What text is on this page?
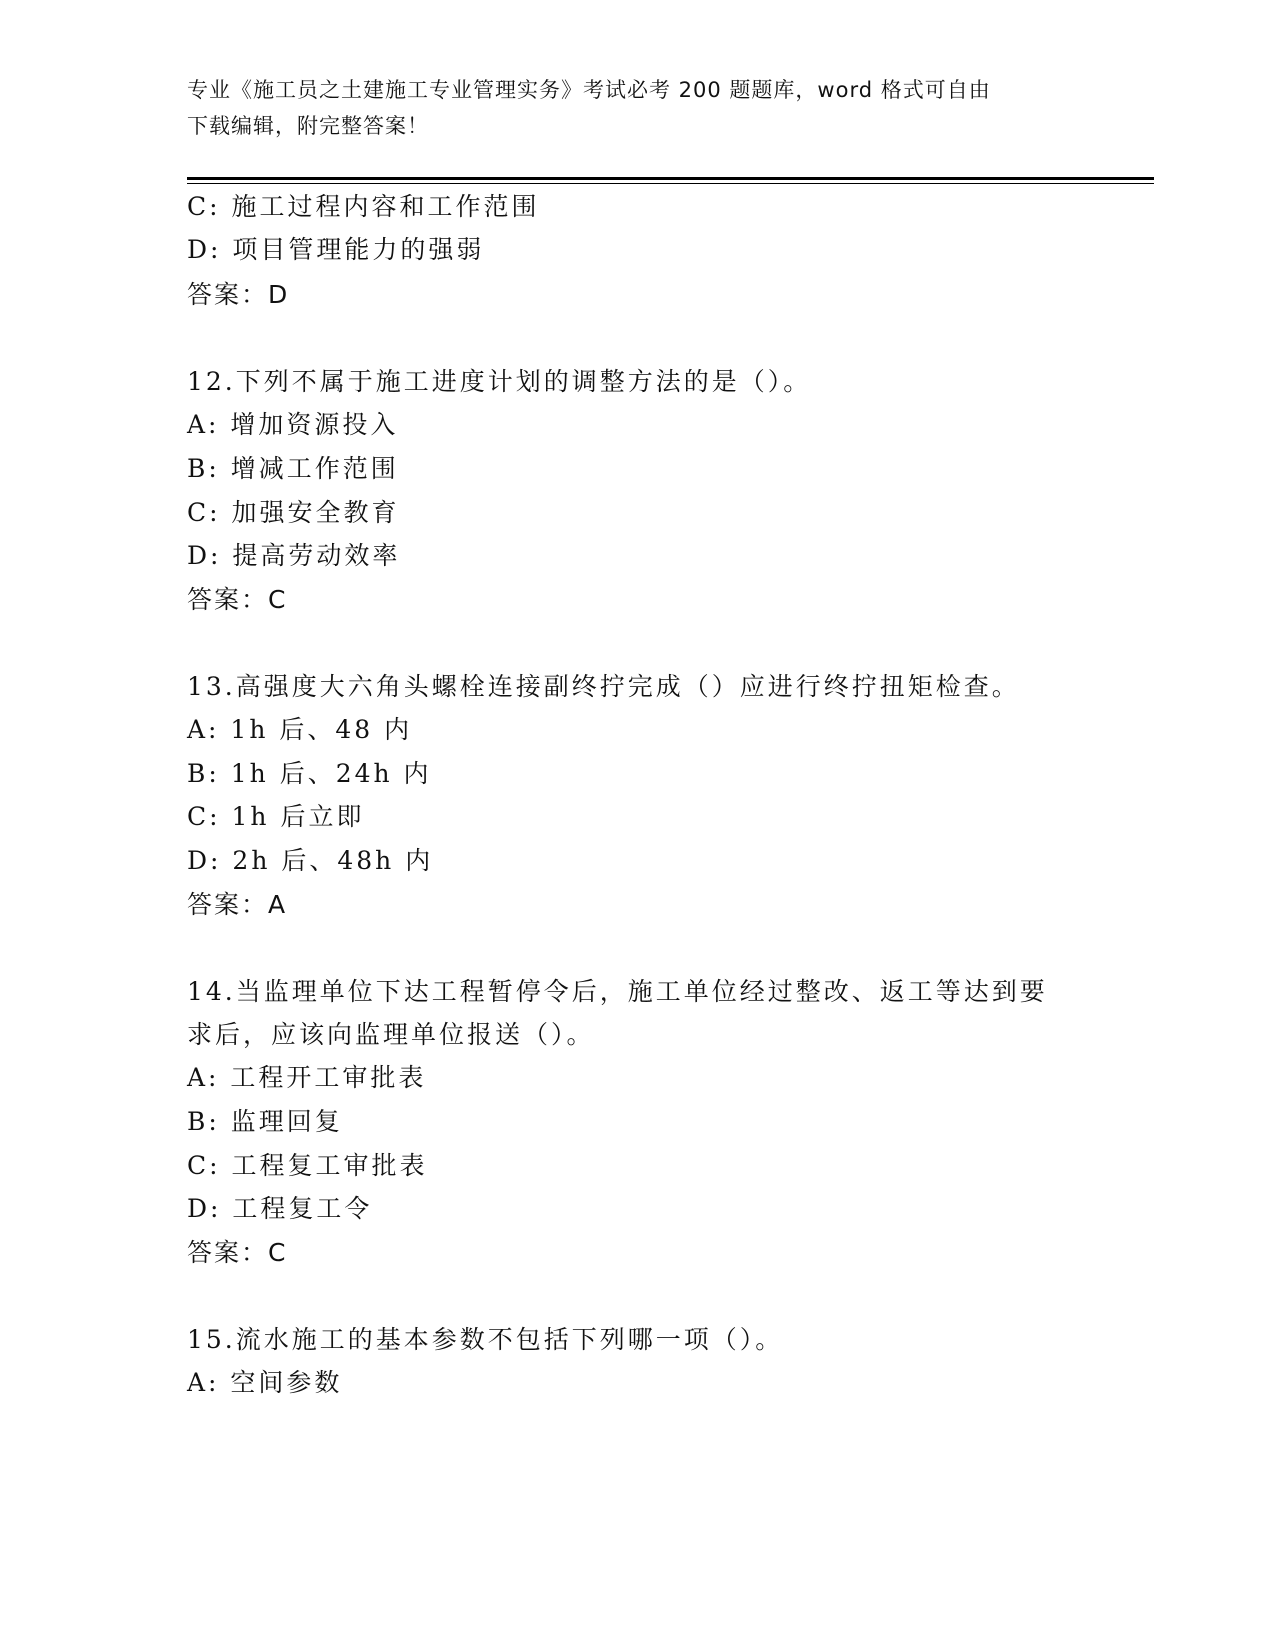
专业《施工员之土建施工专业管理实务》考试必考 200 题题库，word 格式可自由
下载编辑，附完整答案！
C: 施工过程内容和工作范围
D: 项目管理能力的强弱
答案：D
12.下列不属于施工进度计划的调整方法的是（）。
A: 增加资源投入
B: 增减工作范围
C: 加强安全教育
D: 提高劳动效率
答案：C
13.高强度大六角头螺栓连接副终拧完成（）应进行终拧扭矩检查。
A: 1h 后、48 内
B: 1h 后、24h 内
C: 1h 后立即
D: 2h 后、48h 内
答案：A
14.当监理单位下达工程暂停令后，施工单位经过整改、返工等达到要
求后，应该向监理单位报送（）。
A: 工程开工审批表
B: 监理回复
C: 工程复工审批表
D: 工程复工令
答案：C
15.流水施工的基本参数不包括下列哪一项（）。
A: 空间参数
